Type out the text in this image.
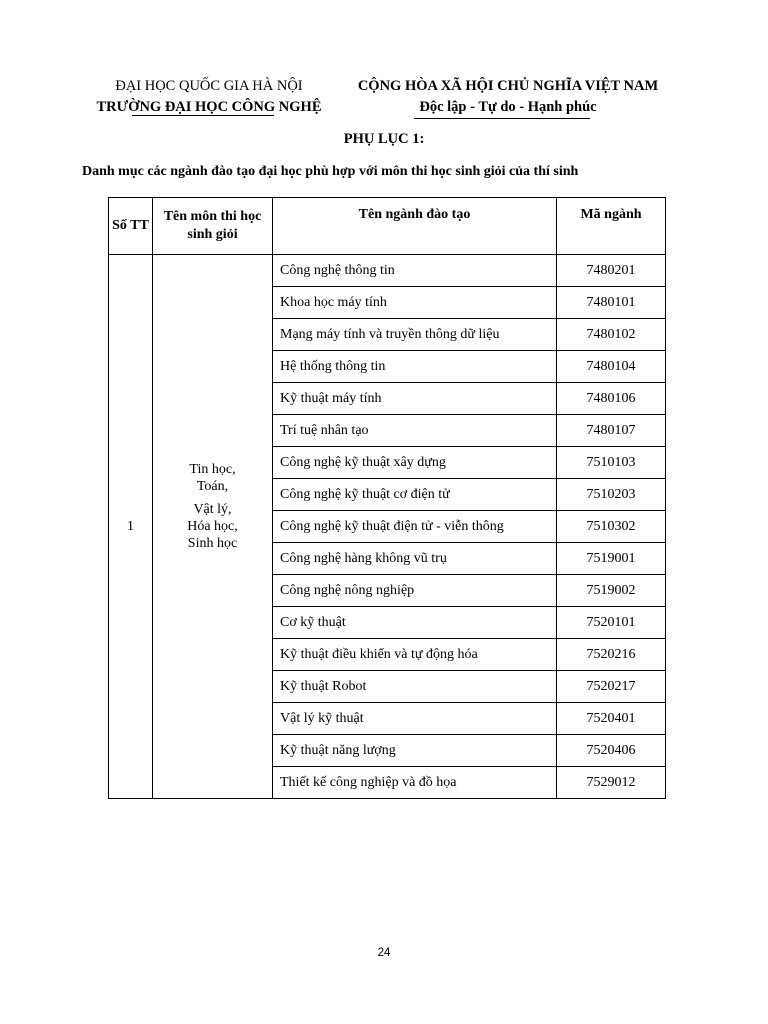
ĐẠI HỌC QUỐC GIA HÀ NỘI
TRƯỜNG ĐẠI HỌC CÔNG NGHỆ
CỘNG HÒA XÃ HỘI CHỦ NGHĨA VIỆT NAM
Độc lập - Tự do - Hạnh phúc
PHỤ LỤC 1:
Danh mục các ngành đào tạo đại học phù hợp với môn thi học sinh giỏi của thí sinh
Số TT	Tên môn thi học sinh giỏi	Tên ngành đào tạo	Mã ngành
1	Tin học,
Toán,
Vật lý,
Hóa học,
Sinh học	Công nghệ thông tin	7480201
		Khoa học máy tính	7480101
		Mạng máy tính và truyền thông dữ liệu	7480102
		Hệ thống thông tin	7480104
		Kỹ thuật máy tính	7480106
		Trí tuệ nhân tạo	7480107
		Công nghệ kỹ thuật xây dựng	7510103
		Công nghệ kỹ thuật cơ điện tử	7510203
		Công nghệ kỹ thuật điện tử - viễn thông	7510302
		Công nghệ hàng không vũ trụ	7519001
		Công nghệ nông nghiệp	7519002
		Cơ kỹ thuật	7520101
		Kỹ thuật điều khiển và tự động hóa	7520216
		Kỹ thuật Robot	7520217
		Vật lý kỹ thuật	7520401
		Kỹ thuật năng lượng	7520406
		Thiết kế công nghiệp và đồ họa	7529012
24
